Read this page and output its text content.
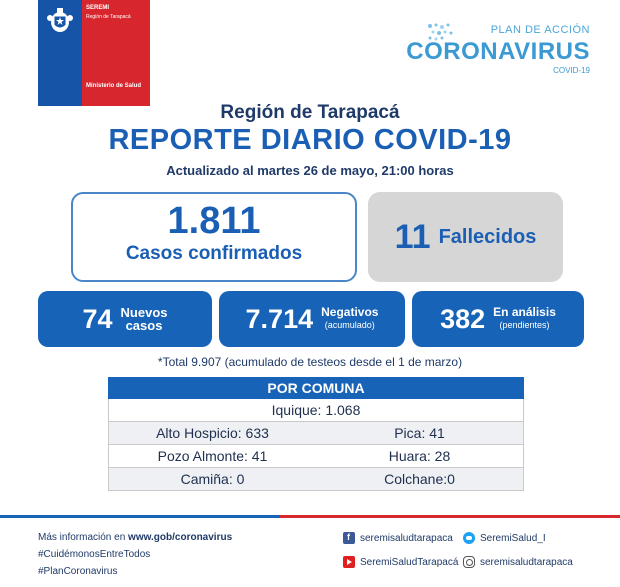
SEREMI
Región de Tarapacá
Ministerio de Salud
PLAN DE ACCIÓN
CORONAVIRUS
COVID-19
Región de Tarapacá
REPORTE DIARIO COVID-19
Actualizado al martes 26 de mayo, 21:00 horas
1.811
Casos confirmados	11 Fallecidos
74 Nuevos
casos	7.714 Negativos
(acumulado) 382 En análisis
(pendientes)
*Total 9.907 (acumulado de testeos desde el 1 de marzo)
POR COMUNA
Iquique: 1.068
Alto Hospicio: 633	Pica: 41
Pozo Almonte: 41	Huara: 28
Camiña: 0	Colchane:0
Más información en www.gob/coronavirus
#CuidémonosEntreTodos
#PlanCoronavirus
f
seremisaludtarapaca	SeremiSalud_I
SeremiSaludTarapacá seremisaludtarapaca
